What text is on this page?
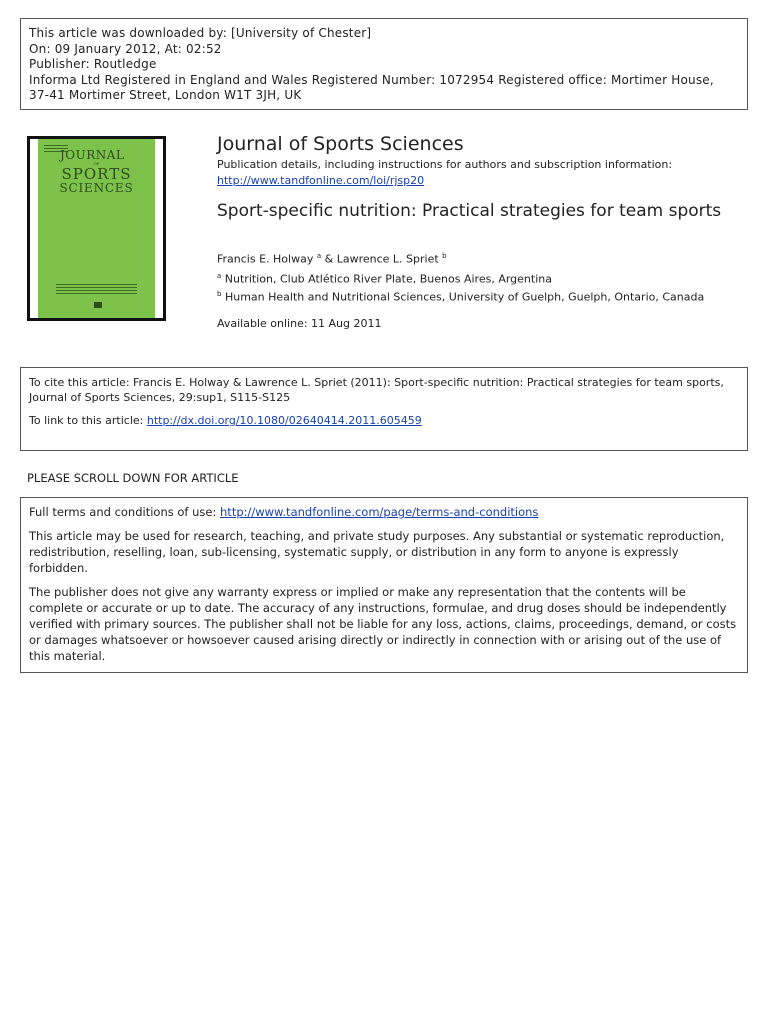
This article was downloaded by: [University of Chester]
On: 09 January 2012, At: 02:52
Publisher: Routledge
Informa Ltd Registered in England and Wales Registered Number: 1072954 Registered office: Mortimer House,
37-41 Mortimer Street, London W1T 3JH, UK
JOURNAL
OF
SPORTS
SCIENCES
Journal of Sports Sciences
Publication details, including instructions for authors and subscription information:
http://www.tandfonline.com/loi/rjsp20
Sport-specific nutrition: Practical strategies for team sports
Francis E. Holway $^a$ & Lawrence L. Spriet $^b$
$^a$ Nutrition, Club Atlético River Plate, Buenos Aires, Argentina
$^b$ Human Health and Nutritional Sciences, University of Guelph, Guelph, Ontario, Canada
Available online: 11 Aug 2011
To cite this article: Francis E. Holway & Lawrence L. Spriet (2011): Sport-specific nutrition: Practical strategies for team sports, Journal of Sports Sciences, 29:sup1, S115-S125
To link to this article: http://dx.doi.org/10.1080/02640414.2011.605459
PLEASE SCROLL DOWN FOR ARTICLE

Full terms and conditions of use: http://www.tandfonline.com/page/terms-and-conditions

This article may be used for research, teaching, and private study purposes. Any substantial or systematic reproduction, redistribution, reselling, loan, sub-licensing, systematic supply, or distribution in any form to anyone is expressly forbidden.

The publisher does not give any warranty express or implied or make any representation that the contents will be complete or accurate or up to date. The accuracy of any instructions, formulae, and drug doses should be independently verified with primary sources. The publisher shall not be liable for any loss, actions, claims, proceedings, demand, or costs or damages whatsoever or howsoever caused arising directly or indirectly in connection with or arising out of the use of this material.
